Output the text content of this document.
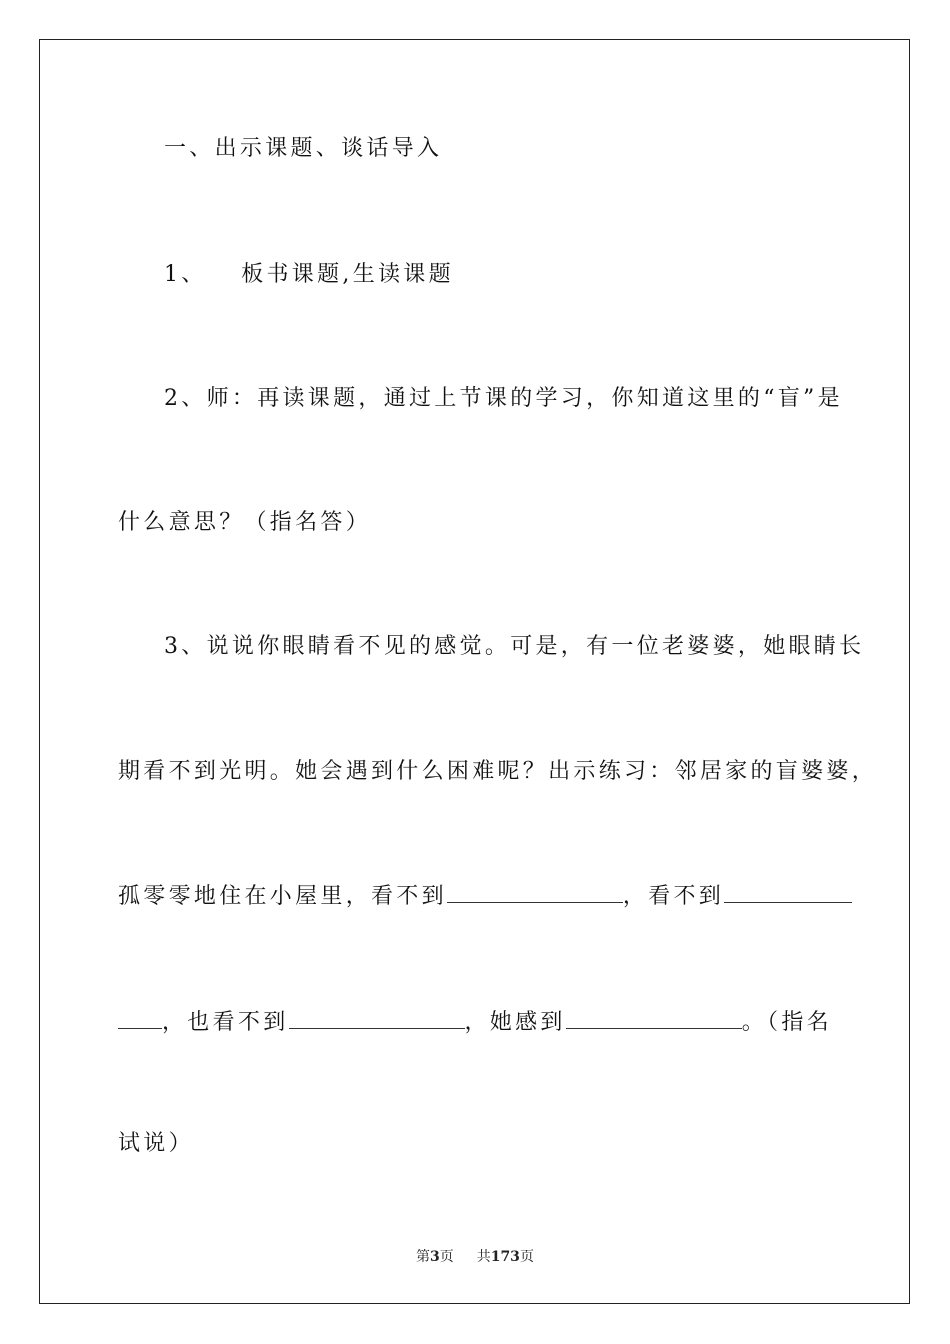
一、出示课题、谈话导入
1、 板书课题,生读课题
2、师：再读课题，通过上节课的学习，你知道这里的“盲”是
什么意思？（指名答）
3、说说你眼睛看不见的感觉。可是，有一位老婆婆，她眼睛长
期看不到光明。她会遇到什么困难呢？出示练习：邻居家的盲婆婆，
孤零零地住在小屋里，看不到	，看不到
，也看不到	，她感到	。（指名
试说）
第3页 共173页
